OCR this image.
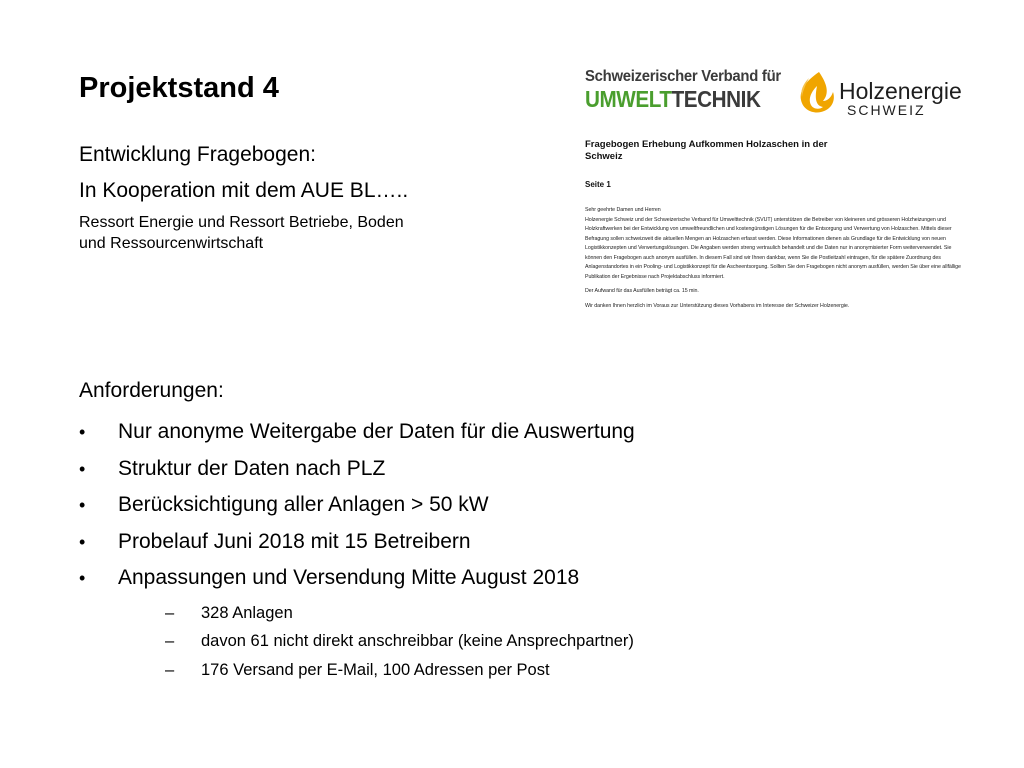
Projektstand 4
Entwicklung Fragebogen:
In Kooperation mit dem AUE BL…..
Ressort Energie und Ressort Betriebe, Boden
und Ressourcenwirtschaft
Schweizerischer Verband für
UMWELTTECHNIK	Holzenergie
SCHWEIZ
Fragebogen Erhebung Aufkommen Holzaschen in der Schweiz
Seite 1

Sehr geehrte Damen und Herren

Holzenergie Schweiz und der Schweizerische Verband für Umwelttechnik (SVUT) unterstützen die Betreiber von kleineren und grösseren Holzheizungen und Holzkraftwerken bei der Entwicklung von umweltfreundlichen und kostengünstigen Lösungen für die Entsorgung und Verwertung von Holzaschen. Mittels dieser Befragung sollen schweizweit die aktuellen Mengen an Holzaschen erfasst werden. Diese Informationen dienen als Grundlage für die Entwicklung von neuen Logistikkonzepten und Verwertungslösungen. Die Angaben werden streng vertraulich behandelt und die Daten nur in anonymisierter Form weiterverwendet. Sie können den Fragebogen auch anonym ausfüllen. In diesem Fall sind wir Ihnen dankbar, wenn Sie die Postleitzahl eintragen, für die spätere Zuordnung des Anlagenstandortes in ein Pooling- und Logistikkonzept für die Ascheentsorgung. Sollten Sie den Fragebogen nicht anonym ausfüllen, werden Sie über eine allfällige Publikation der Ergebnisse nach Projektabschluss informiert.

Der Aufwand für das Ausfüllen beträgt ca. 15 min.

Wir danken Ihnen herzlich im Voraus zur Unterstützung dieses Vorhabens im Interesse der Schweizer Holzenergie.

Anforderungen:
• Nur anonyme Weitergabe der Daten für die Auswertung
• Struktur der Daten nach PLZ
• Berücksichtigung aller Anlagen > 50 kW
• Probelauf Juni 2018 mit 15 Betreibern
• Anpassungen und Versendung Mitte August 2018
– 328 Anlagen
– davon 61 nicht direkt anschreibbar (keine Ansprechpartner)
– 176 Versand per E-Mail, 100 Adressen per Post
